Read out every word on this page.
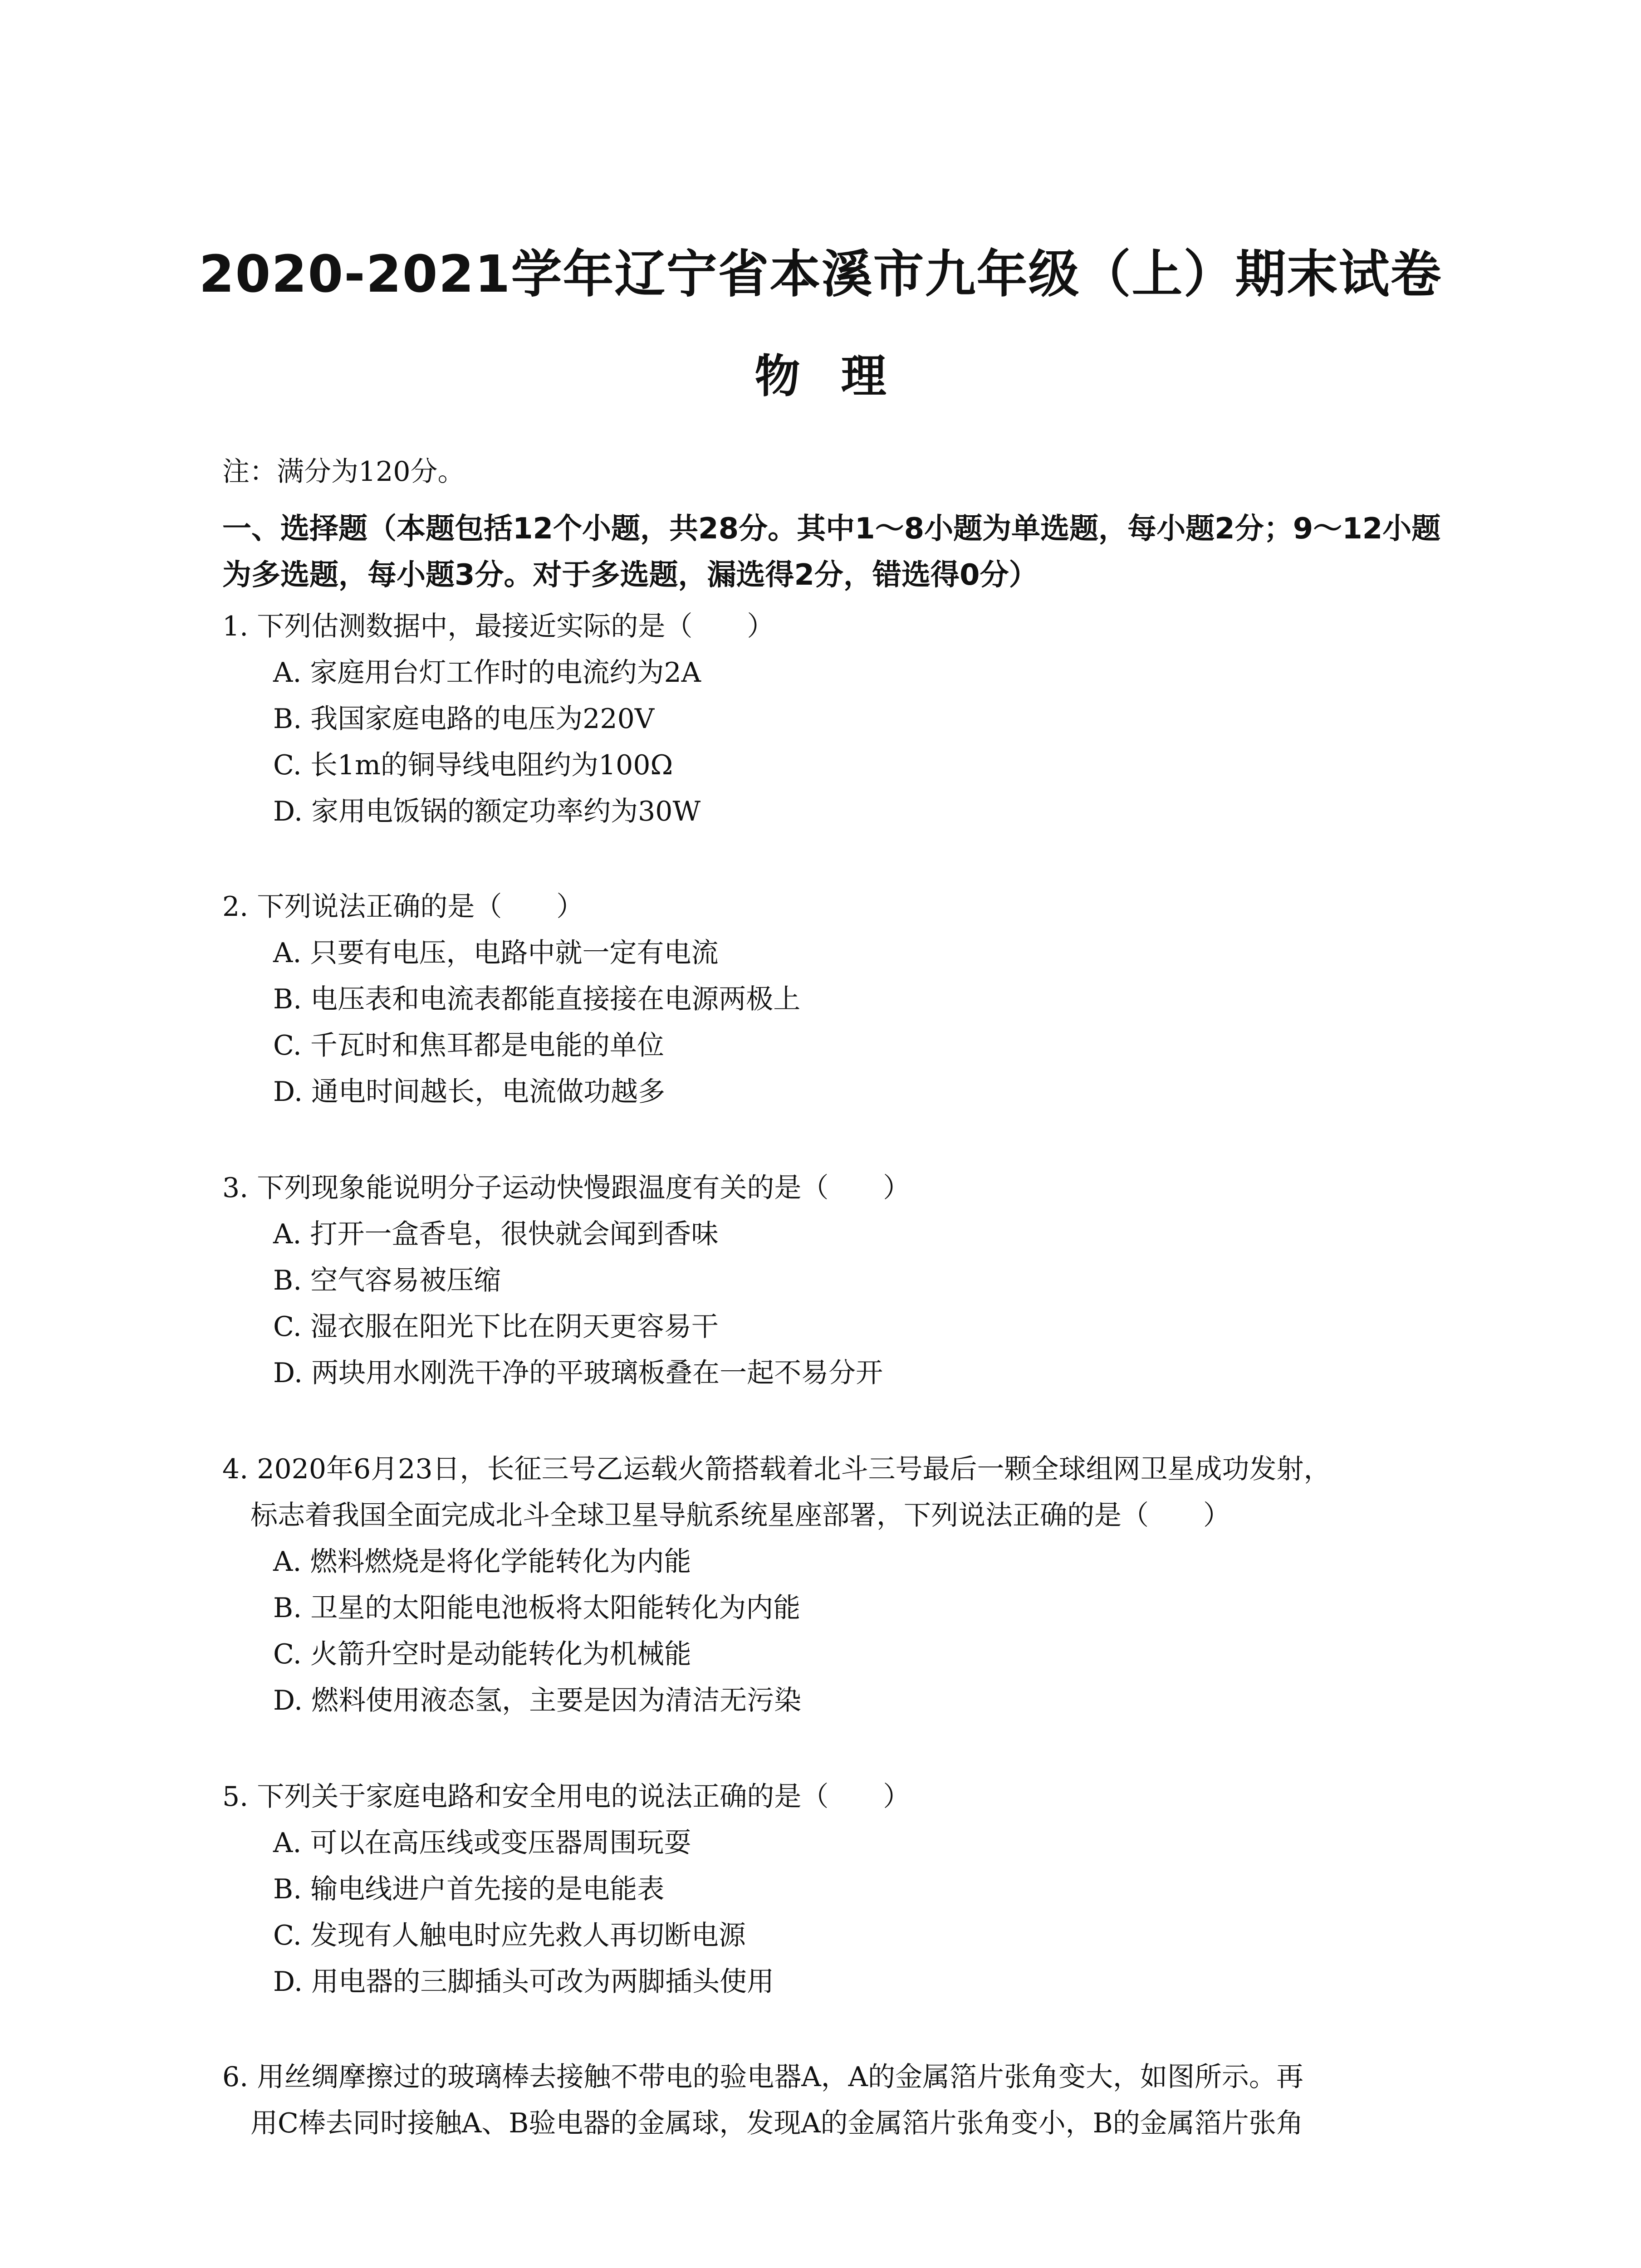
2020-2021学年辽宁省本溪市九年级（上）期末试卷
物理
注：满分为120分。
一、选择题（本题包括12个小题，共28分。其中1～8小题为单选题，每小题2分；9～12小题
为多选题，每小题3分。对于多选题，漏选得2分，错选得0分）
1. 下列估测数据中，最接近实际的是（　　）
A. 家庭用台灯工作时的电流约为2A
B. 我国家庭电路的电压为220V
C. 长1m的铜导线电阻约为100Ω
D. 家用电饭锅的额定功率约为30W
2. 下列说法正确的是（　　）
A. 只要有电压，电路中就一定有电流
B. 电压表和电流表都能直接接在电源两极上
C. 千瓦时和焦耳都是电能的单位
D. 通电时间越长，电流做功越多
3. 下列现象能说明分子运动快慢跟温度有关的是（　　）
A. 打开一盒香皂，很快就会闻到香味
B. 空气容易被压缩
C. 湿衣服在阳光下比在阴天更容易干
D. 两块用水刚洗干净的平玻璃板叠在一起不易分开
4. 2020年6月23日，长征三号乙运载火箭搭载着北斗三号最后一颗全球组网卫星成功发射，
标志着我国全面完成北斗全球卫星导航系统星座部署，下列说法正确的是（　　）
A. 燃料燃烧是将化学能转化为内能
B. 卫星的太阳能电池板将太阳能转化为内能
C. 火箭升空时是动能转化为机械能
D. 燃料使用液态氢，主要是因为清洁无污染
5. 下列关于家庭电路和安全用电的说法正确的是（　　）
A. 可以在高压线或变压器周围玩耍
B. 输电线进户首先接的是电能表
C. 发现有人触电时应先救人再切断电源
D. 用电器的三脚插头可改为两脚插头使用
6. 用丝绸摩擦过的玻璃棒去接触不带电的验电器A，A的金属箔片张角变大，如图所示。再
用C棒去同时接触A、B验电器的金属球，发现A的金属箔片张角变小，B的金属箔片张角
